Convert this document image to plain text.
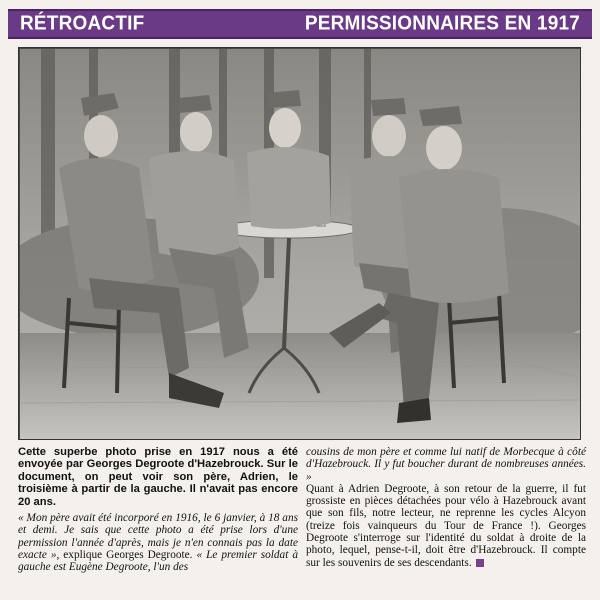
RÉTROACTIF	PERMISSIONNAIRES EN 1917

Cette superbe photo prise en 1917 nous a été envoyée par Georges Degroote d'Hazebrouck. Sur le document, on peut voir son père, Adrien, le troisième à partir de la gauche. Il n'avait pas encore 20 ans.

« Mon père avait été incorporé en 1916, le 6 janvier, à 18 ans et demi. Je sais que cette photo a été prise lors d'une permission l'année d'après, mais je n'en connais pas la date exacte », explique Georges Degroote. « Le premier soldat à gauche est Eugène Degroote, l'un des

cousins de mon père et comme lui natif de Morbecque à côté d'Hazebrouck. Il y fut boucher durant de nombreuses années. »

Quant à Adrien Degroote, à son retour de la guerre, il fut grossiste en pièces détachées pour vélo à Hazebrouck avant que son fils, notre lecteur, ne reprenne les cycles Alcyon (treize fois vainqueurs du Tour de France !). Georges Degroote s'interroge sur l'identité du soldat à droite de la photo, lequel, pense-t-il, doit être d'Hazebrouck. Il compte sur les souvenirs de ses descendants.
